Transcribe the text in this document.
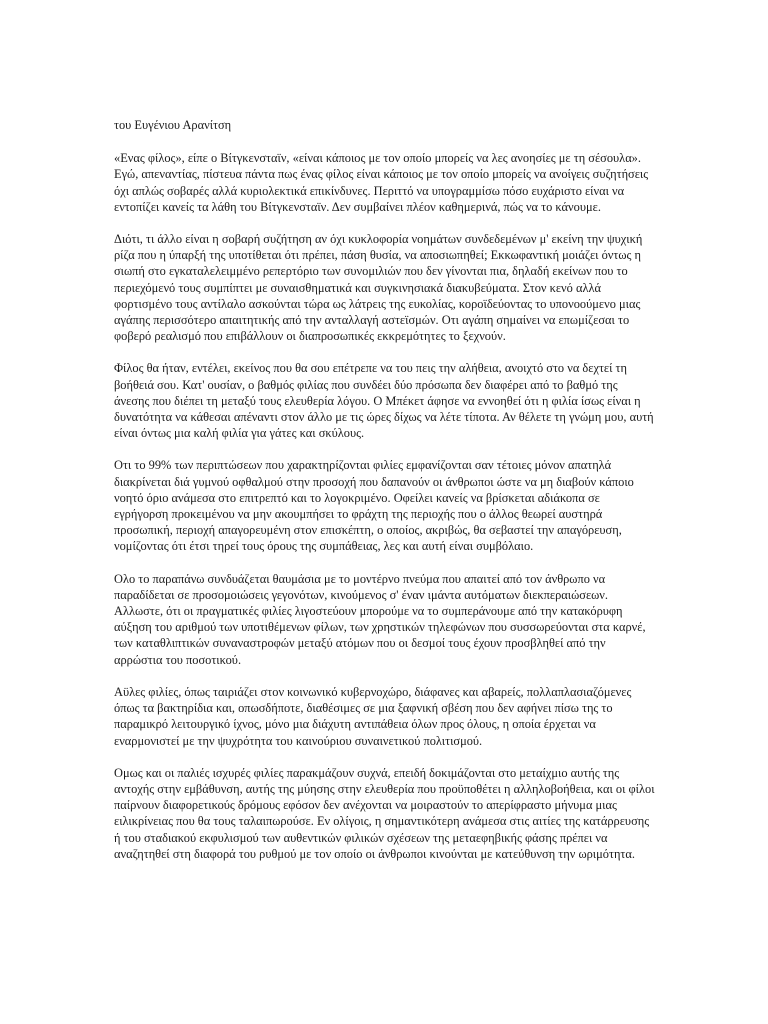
του Ευγένιου Αρανίτση

«Ενας φίλος», είπε ο Βίτγκενσταϊν, «είναι κάποιος με τον οποίο μπορείς να λες ανοησίες με τη σέσουλα». Εγώ, απεναντίας, πίστευα πάντα πως ένας φίλος είναι κάποιος με τον οποίο μπορείς να ανοίγεις συζητήσεις όχι απλώς σοβαρές αλλά κυριολεκτικά επικίνδυνες. Περιττό να υπογραμμίσω πόσο ευχάριστο είναι να εντοπίζει κανείς τα λάθη του Βίτγκενσταϊν. Δεν συμβαίνει πλέον καθημερινά, πώς να το κάνουμε.

Διότι, τι άλλο είναι η σοβαρή συζήτηση αν όχι κυκλοφορία νοημάτων συνδεδεμένων μ' εκείνη την ψυχική ρίζα που η ύπαρξή της υποτίθεται ότι πρέπει, πάση θυσία, να αποσιωπηθεί; Εκκωφαντική μοιάζει όντως η σιωπή στο εγκαταλελειμμένο ρεπερτόριο των συνομιλιών που δεν γίνονται πια, δηλαδή εκείνων που το περιεχόμενό τους συμπίπτει με συναισθηματικά και συγκινησιακά διακυβεύματα. Στον κενό αλλά φορτισμένο τους αντίλαλο ασκούνται τώρα ως λάτρεις της ευκολίας, κοροϊδεύοντας το υπονοούμενο μιας αγάπης περισσότερο απαιτητικής από την ανταλλαγή αστεϊσμών. Οτι αγάπη σημαίνει να επωμίζεσαι το φοβερό ρεαλισμό που επιβάλλουν οι διαπροσωπικές εκκρεμότητες το ξεχνούν.

Φίλος θα ήταν, εντέλει, εκείνος που θα σου επέτρεπε να του πεις την αλήθεια, ανοιχτό στο να δεχτεί τη βοήθειά σου. Κατ' ουσίαν, ο βαθμός φιλίας που συνδέει δύο πρόσωπα δεν διαφέρει από το βαθμό της άνεσης που διέπει τη μεταξύ τους ελευθερία λόγου. Ο Μπέκετ άφησε να εννοηθεί ότι η φιλία ίσως είναι η δυνατότητα να κάθεσαι απέναντι στον άλλο με τις ώρες δίχως να λέτε τίποτα. Αν θέλετε τη γνώμη μου, αυτή είναι όντως μια καλή φιλία για γάτες και σκύλους.

Οτι το 99% των περιπτώσεων που χαρακτηρίζονται φιλίες εμφανίζονται σαν τέτοιες μόνον απατηλά διακρίνεται διά γυμνού οφθαλμού στην προσοχή που δαπανούν οι άνθρωποι ώστε να μη διαβούν κάποιο νοητό όριο ανάμεσα στο επιτρεπτό και το λογοκριμένο. Οφείλει κανείς να βρίσκεται αδιάκοπα σε εγρήγορση προκειμένου να μην ακουμπήσει το φράχτη της περιοχής που ο άλλος θεωρεί αυστηρά προσωπική, περιοχή απαγορευμένη στον επισκέπτη, ο οποίος, ακριβώς, θα σεβαστεί την απαγόρευση, νομίζοντας ότι έτσι τηρεί τους όρους της συμπάθειας, λες και αυτή είναι συμβόλαιο.

Ολο το παραπάνω συνδυάζεται θαυμάσια με το μοντέρνο πνεύμα που απαιτεί από τον άνθρωπο να παραδίδεται σε προσομοιώσεις γεγονότων, κινούμενος σ' έναν ιμάντα αυτόματων διεκπεραιώσεων. Αλλωστε, ότι οι πραγματικές φιλίες λιγοστεύουν μπορούμε να το συμπεράνουμε από την κατακόρυφη αύξηση του αριθμού των υποτιθέμενων φίλων, των χρηστικών τηλεφώνων που συσσωρεύονται στα καρνέ, των καταθλιπτικών συναναστροφών μεταξύ ατόμων που οι δεσμοί τους έχουν προσβληθεί από την αρρώστια του ποσοτικού.

Αϋλες φιλίες, όπως ταιριάζει στον κοινωνικό κυβερνοχώρο, διάφανες και αβαρείς, πολλαπλασιαζόμενες όπως τα βακτηρίδια και, οπωσδήποτε, διαθέσιμες σε μια ξαφνική σβέση που δεν αφήνει πίσω της το παραμικρό λειτουργικό ίχνος, μόνο μια διάχυτη αντιπάθεια όλων προς όλους, η οποία έρχεται να εναρμονιστεί με την ψυχρότητα του καινούριου συναινετικού πολιτισμού.

Ομως και οι παλιές ισχυρές φιλίες παρακμάζουν συχνά, επειδή δοκιμάζονται στο μεταίχμιο αυτής της αντοχής στην εμβάθυνση, αυτής της μύησης στην ελευθερία που προϋποθέτει η αλληλοβοήθεια, και οι φίλοι παίρνουν διαφορετικούς δρόμους εφόσον δεν ανέχονται να μοιραστούν το απερίφραστο μήνυμα μιας ειλικρίνειας που θα τους ταλαιπωρούσε. Εν ολίγοις, η σημαντικότερη ανάμεσα στις αιτίες της κατάρρευσης ή του σταδιακού εκφυλισμού των αυθεντικών φιλικών σχέσεων της μεταεφηβικής φάσης πρέπει να αναζητηθεί στη διαφορά του ρυθμού με τον οποίο οι άνθρωποι κινούνται με κατεύθυνση την ωριμότητα.
